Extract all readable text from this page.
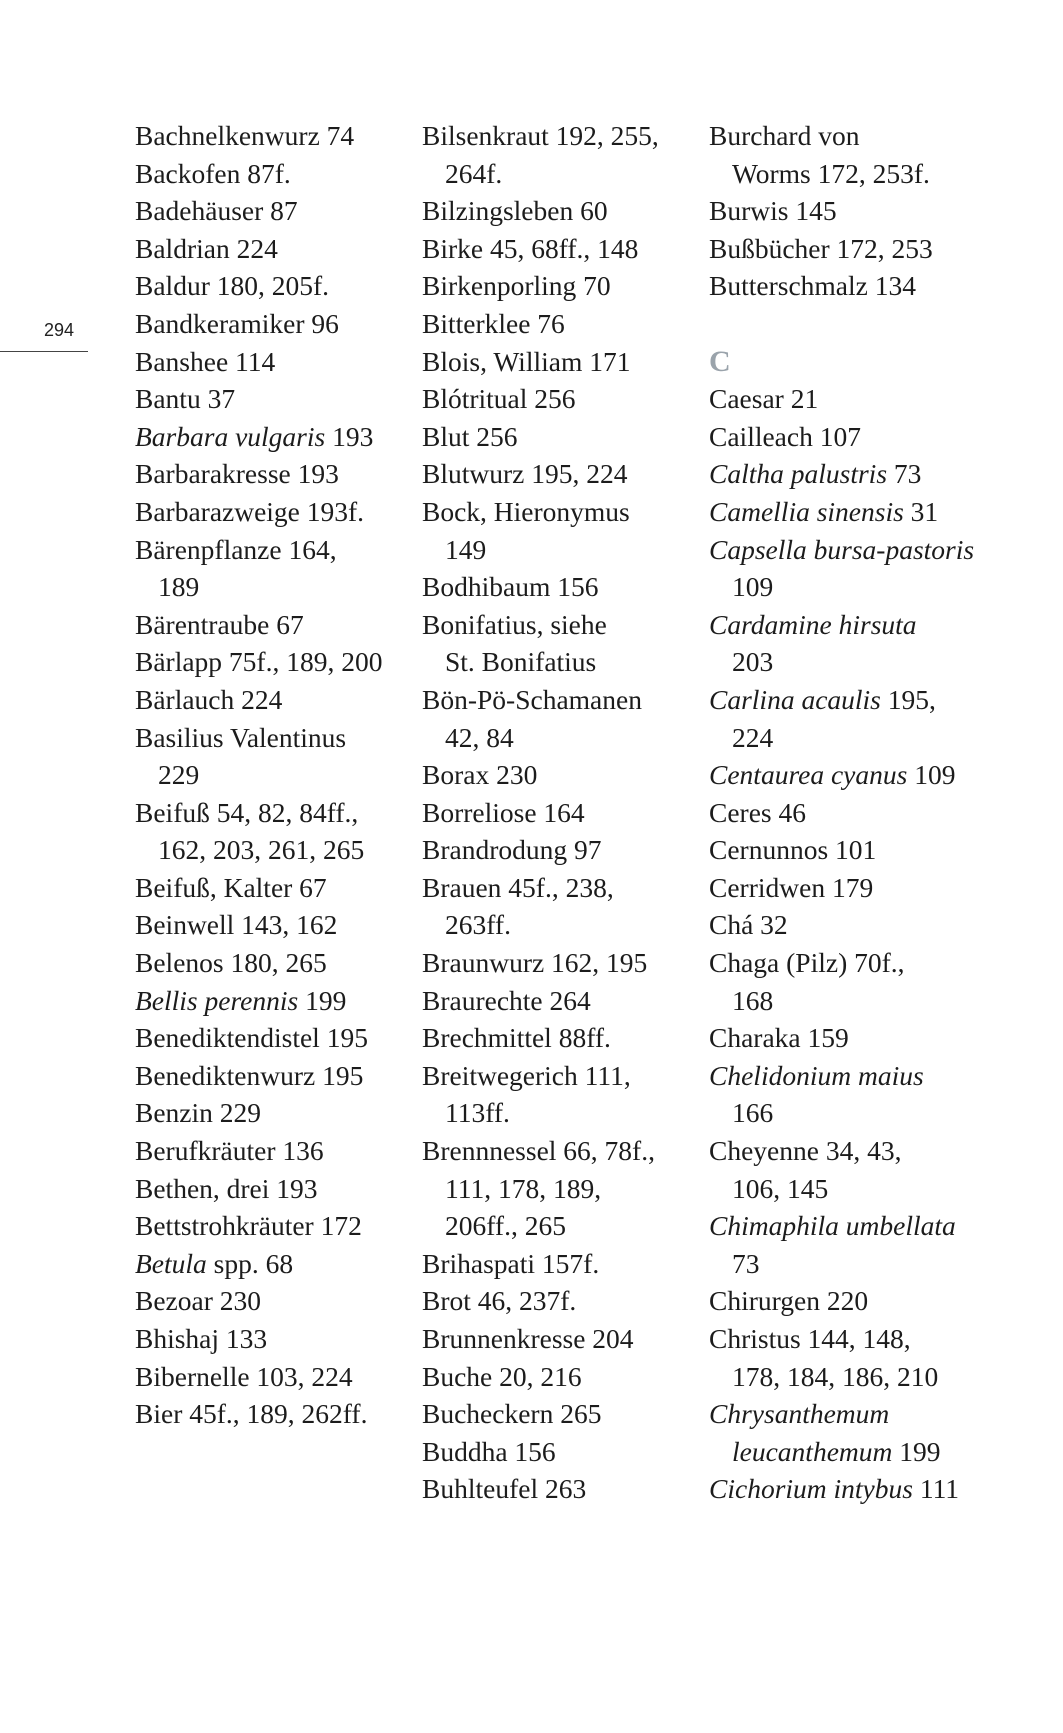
294
Bachnelkenwurz 74
Backofen 87f.
Badehäuser 87
Baldrian 224
Baldur 180, 205f.
Bandkeramiker 96
Banshee 114
Bantu 37
Barbara vulgaris 193
Barbarakresse 193
Barbarazweige 193f.
Bärenpflanze 164,
189
Bärentraube 67
Bärlapp 75f., 189, 200
Bärlauch 224
Basilius Valentinus
229
Beifuß 54, 82, 84ff.,
162, 203, 261, 265
Beifuß, Kalter 67
Beinwell 143, 162
Belenos 180, 265
Bellis perennis 199
Benediktendistel 195
Benediktenwurz 195
Benzin 229
Berufkräuter 136
Bethen, drei 193
Bettstrohkräuter 172
Betula spp. 68
Bezoar 230
Bhishaj 133
Bibernelle 103, 224
Bier 45f., 189, 262ff.
Bilsenkraut 192, 255,
264f.
Bilzingsleben 60
Birke 45, 68ff., 148
Birkenporling 70
Bitterklee 76
Blois, William 171
Blótritual 256
Blut 256
Blutwurz 195, 224
Bock, Hieronymus
149
Bodhibaum 156
Bonifatius, siehe
St. Bonifatius
Bön-Pö-Schamanen
42, 84
Borax 230
Borreliose 164
Brandrodung 97
Brauen 45f., 238,
263ff.
Braunwurz 162, 195
Braurechte 264
Brechmittel 88ff.
Breitwegerich 111,
113ff.
Brennnessel 66, 78f.,
111, 178, 189,
206ff., 265
Brihaspati 157f.
Brot 46, 237f.
Brunnenkresse 204
Buche 20, 216
Bucheckern 265
Buddha 156
Buhlteufel 263
Burchard von
Worms 172, 253f.
Burwis 145
Bußbücher 172, 253
Butterschmalz 134
C
Caesar 21
Cailleach 107
Caltha palustris 73
Camellia sinensis 31
Capsella bursa-pastoris
109
Cardamine hirsuta
203
Carlina acaulis 195,
224
Centaurea cyanus 109
Ceres 46
Cernunnos 101
Cerridwen 179
Chá 32
Chaga (Pilz) 70f.,
168
Charaka 159
Chelidonium maius
166
Cheyenne 34, 43,
106, 145
Chimaphila umbellata
73
Chirurgen 220
Christus 144, 148,
178, 184, 186, 210
Chrysanthemum
leucanthemum 199
Cichorium intybus 111
